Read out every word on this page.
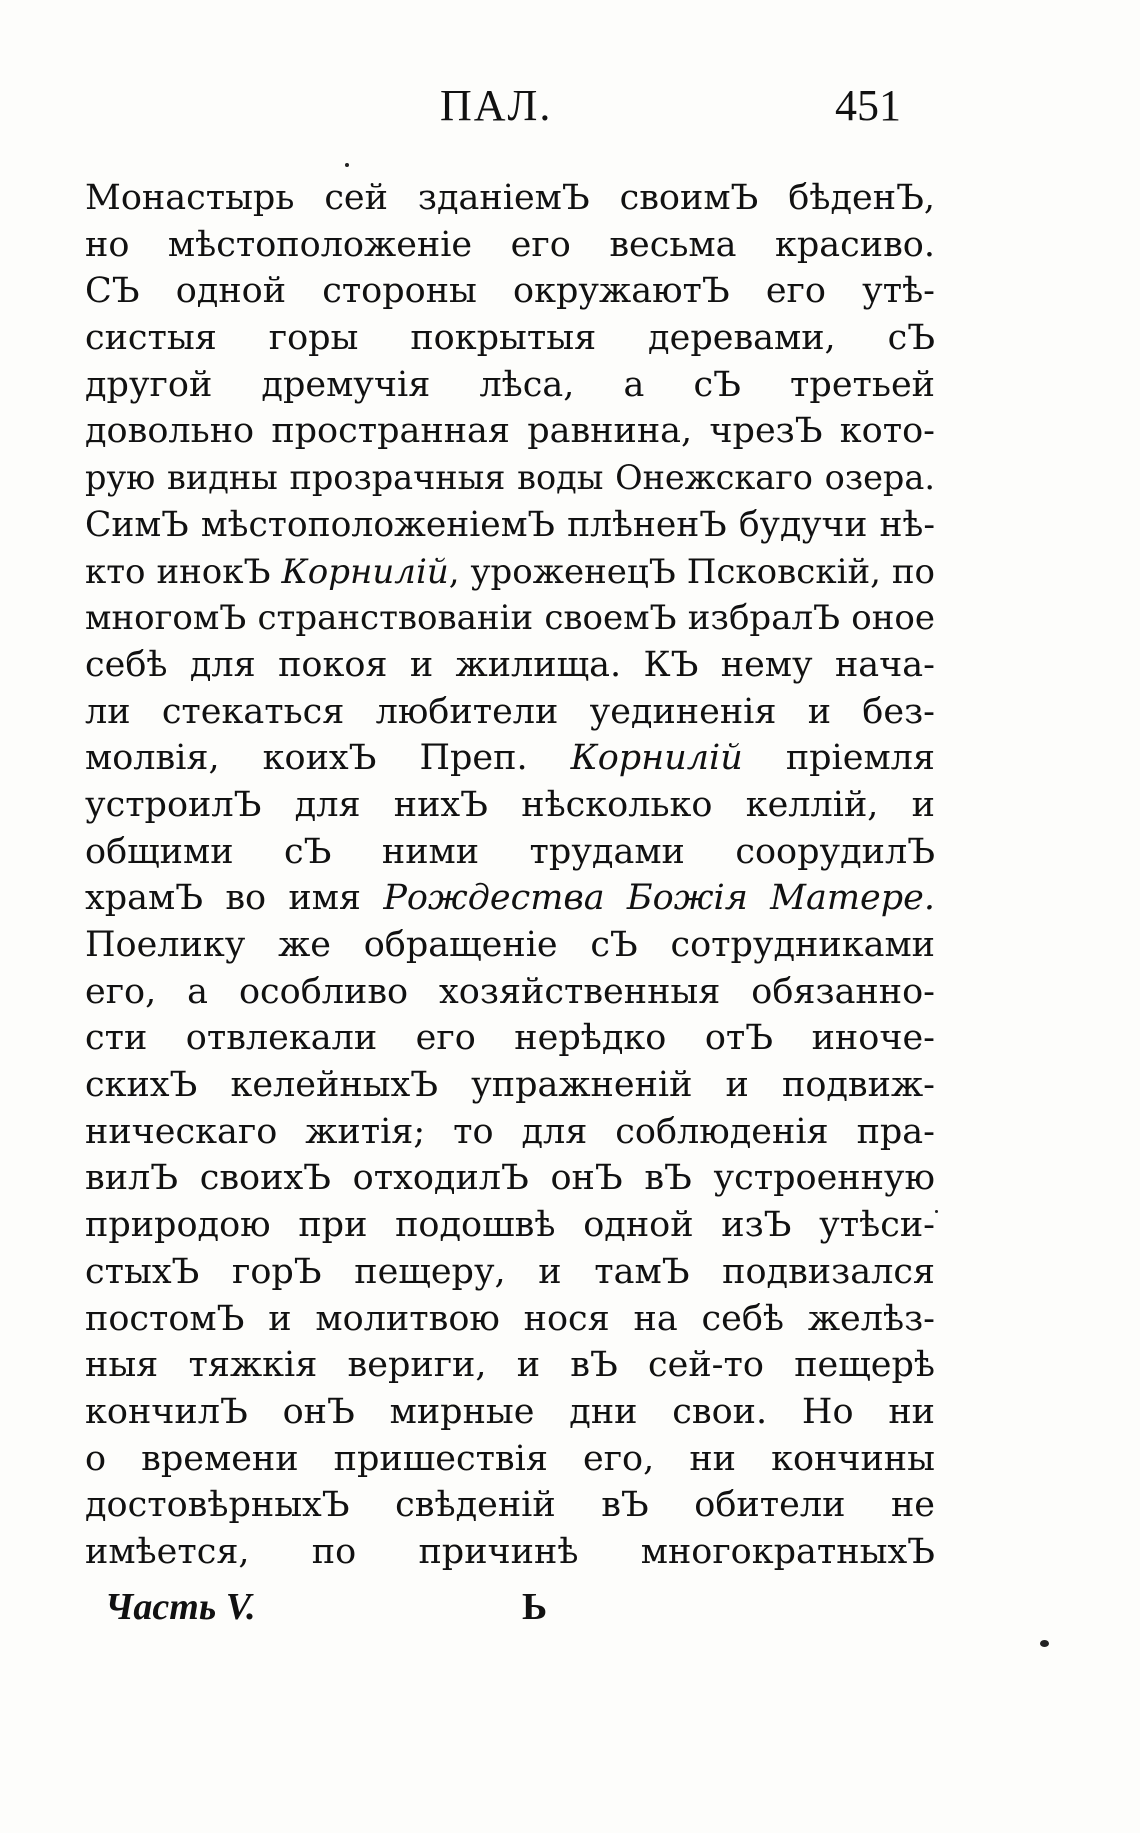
ПАЛ.	451
Монастырь сей зданіемЪ своимЪ бѣденЪ,
но мѣстоположеніе его весьма красиво.
СЪ одной стороны окружаютЪ его утѣ-
систыя горы покрытыя деревами, сЪ
другой дремучія лѣса, а сЪ третьей
довольно пространная равнина, чрезЪ кото-
рую видны прозрачныя воды Онежскаго озера.
СимЪ мѣстоположеніемЪ плѣненЪ будучи нѣ-
кто инокЪ Корнилій, уроженецЪ Псковскій, по
многомЪ странствованіи своемЪ избралЪ оное
себѣ для покоя и жилища. КЪ нему нача-
ли стекаться любители уединенія и без-
молвія, коихЪ Преп. Корнилій пріемля
устроилЪ для нихЪ нѣсколько келлій, и
общими сЪ ними трудами соорудилЪ
храмЪ во имя Рождества Божія Матере.
Поелику же обращеніе сЪ сотрудниками
его, а особливо хозяйственныя обязанно-
сти отвлекали его нерѣдко отЪ иноче-
скихЪ келейныхЪ упражненій и подвиж-
ническаго житія; то для соблюденія пра-
вилЪ своихЪ отходилЪ онЪ вЪ устроенную
природою при подошвѣ одной изЪ утѣси-
стыхЪ горЪ пещеру, и тамЪ подвизался
постомЪ и молитвою нося на себѣ желѣз-
ныя тяжкія вериги, и вЪ сей-то пещерѣ
кончилЪ онЪ мирные дни свои. Но ни
о времени пришествія его, ни кончины
достовѣрныхЪ свѣденій вЪ обители не
имѣется, по причинѣ многократныхЪ
Часть V.	Ь
